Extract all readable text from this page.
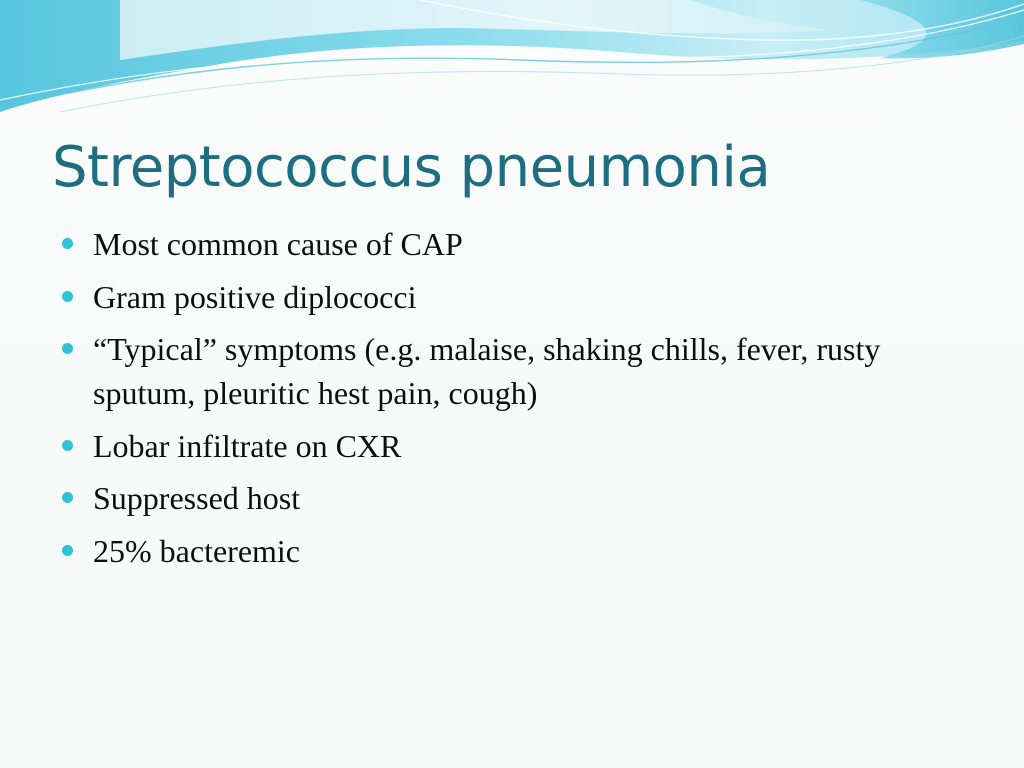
Streptococcus pneumonia
Most common cause of CAP
Gram positive diplococci
“Typical” symptoms (e.g. malaise, shaking chills, fever, rusty sputum, pleuritic hest pain, cough)
Lobar infiltrate on CXR
Suppressed host
25% bacteremic
